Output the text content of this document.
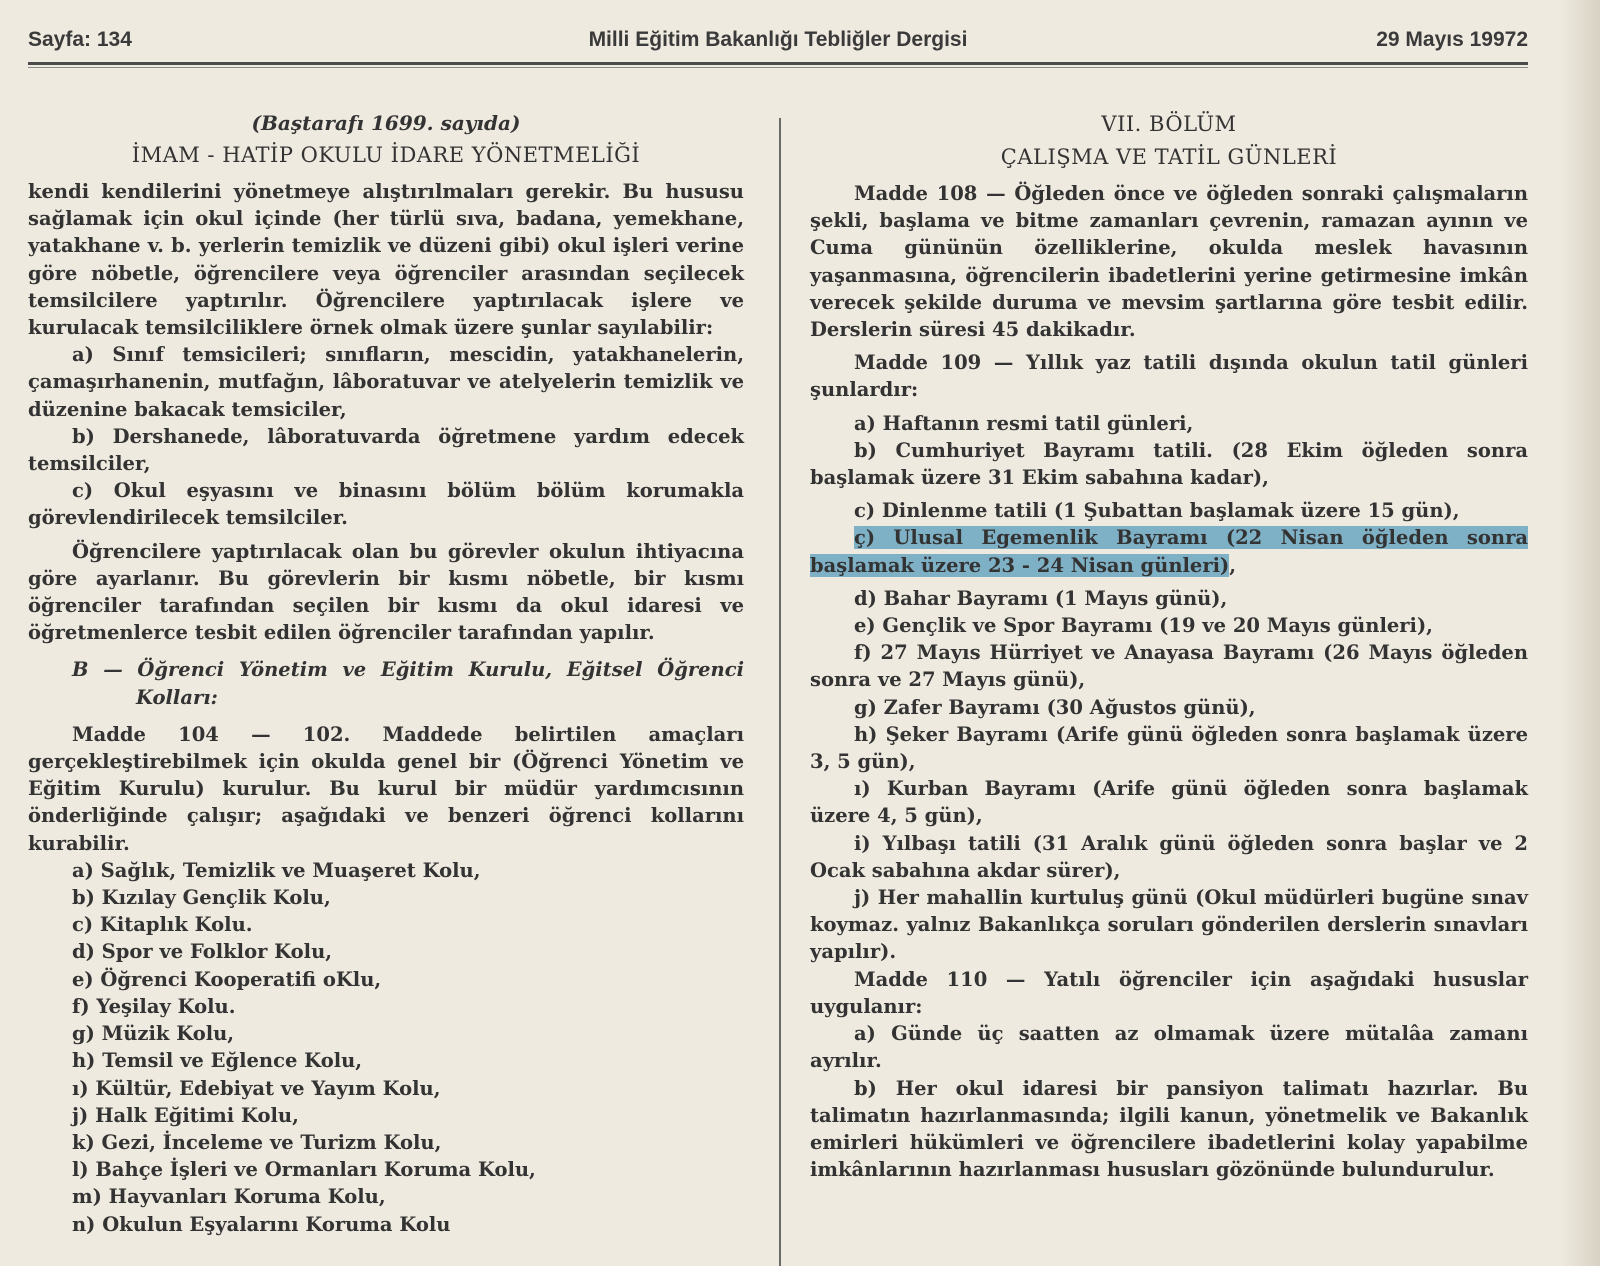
Sayfa: 134	Milli Eğitim Bakanlığı Tebliğler Dergisi	29 Mayıs 19972

(Baştarafı 1699. sayıda)

İMAM - HATİP OKULU İDARE YÖNETMELİĞİ

kendi kendilerini yönetmeye alıştırılmaları gerekir. Bu hususu sağlamak için okul içinde (her türlü sıva, badana, yemekhane, yatakhane v. b. yerlerin temizlik ve düzeni gibi) okul işleri verine göre nöbetle, öğrencilere veya öğrenciler arasından seçilecek temsilcilere yaptırılır. Öğrencilere yaptırılacak işlere ve kurulacak temsilciliklere örnek olmak üzere şunlar sayılabilir:

a) Sınıf temsicileri; sınıfların, mescidin, yatakhanelerin, çamaşırhanenin, mutfağın, lâboratuvar ve atelyelerin temizlik ve düzenine bakacak temsiciler,

b) Dershanede, lâboratuvarda öğretmene yardım edecek temsilciler,

c) Okul eşyasını ve binasını bölüm bölüm korumakla görevlendirilecek temsilciler.

Öğrencilere yaptırılacak olan bu görevler okulun ihtiyacına göre ayarlanır. Bu görevlerin bir kısmı nöbetle, bir kısmı öğrenciler tarafından seçilen bir kısmı da okul idaresi ve öğretmenlerce tesbit edilen öğrenciler tarafından yapılır.

B — Öğrenci Yönetim ve Eğitim Kurulu, Eğitsel Öğrenci Kolları:

Madde 104 — 102. Maddede belirtilen amaçları gerçekleştirebilmek için okulda genel bir (Öğrenci Yönetim ve Eğitim Kurulu) kurulur. Bu kurul bir müdür yardımcısının önderliğinde çalışır; aşağıdaki ve benzeri öğrenci kollarını kurabilir.

a) Sağlık, Temizlik ve Muaşeret Kolu,
b) Kızılay Gençlik Kolu,
c) Kitaplık Kolu.
d) Spor ve Folklor Kolu,
e) Öğrenci Kooperatifi oKlu,
f) Yeşilay Kolu.
g) Müzik Kolu,
h) Temsil ve Eğlence Kolu,
ı) Kültür, Edebiyat ve Yayım Kolu,
j) Halk Eğitimi Kolu,
k) Gezi, İnceleme ve Turizm Kolu,
l) Bahçe İşleri ve Ormanları Koruma Kolu,
m) Hayvanları Koruma Kolu,
n) Okulun Eşyalarını Koruma Kolu

VII. BÖLÜM

ÇALIŞMA VE TATİL GÜNLERİ

Madde 108 — Öğleden önce ve öğleden sonraki çalışmaların şekli, başlama ve bitme zamanları çevrenin, ramazan ayının ve Cuma gününün özelliklerine, okulda meslek havasının yaşanmasına, öğrencilerin ibadetlerini yerine getirmesine imkân verecek şekilde duruma ve mevsim şartlarına göre tesbit edilir. Derslerin süresi 45 dakikadır.

Madde 109 — Yıllık yaz tatili dışında okulun tatil günleri şunlardır:

a) Haftanın resmi tatil günleri,

b) Cumhuriyet Bayramı tatili. (28 Ekim öğleden sonra başlamak üzere 31 Ekim sabahına kadar),

c) Dinlenme tatili (1 Şubattan başlamak üzere 15 gün),

ç) Ulusal Egemenlik Bayramı (22 Nisan öğleden sonra başlamak üzere 23 - 24 Nisan günleri),

d) Bahar Bayramı (1 Mayıs günü),

e) Gençlik ve Spor Bayramı (19 ve 20 Mayıs günleri),

f) 27 Mayıs Hürriyet ve Anayasa Bayramı (26 Mayıs öğleden sonra ve 27 Mayıs günü),

g) Zafer Bayramı (30 Ağustos günü),

h) Şeker Bayramı (Arife günü öğleden sonra başlamak üzere 3, 5 gün),

ı) Kurban Bayramı (Arife günü öğleden sonra başlamak üzere 4, 5 gün),

i) Yılbaşı tatili (31 Aralık günü öğleden sonra başlar ve 2 Ocak sabahına akdar sürer),

j) Her mahallin kurtuluş günü (Okul müdürleri bugüne sınav koymaz. yalnız Bakanlıkça soruları gönderilen derslerin sınavları yapılır).

Madde 110 — Yatılı öğrenciler için aşağıdaki hususlar uygulanır:

a) Günde üç saatten az olmamak üzere mütalâa zamanı ayrılır.

b) Her okul idaresi bir pansiyon talimatı hazırlar. Bu talimatın hazırlanmasında; ilgili kanun, yönetmelik ve Bakanlık emirleri hükümleri ve öğrencilere ibadetlerini kolay yapabilme imkânlarının hazırlanması hususları gözönünde bulundurulur.
